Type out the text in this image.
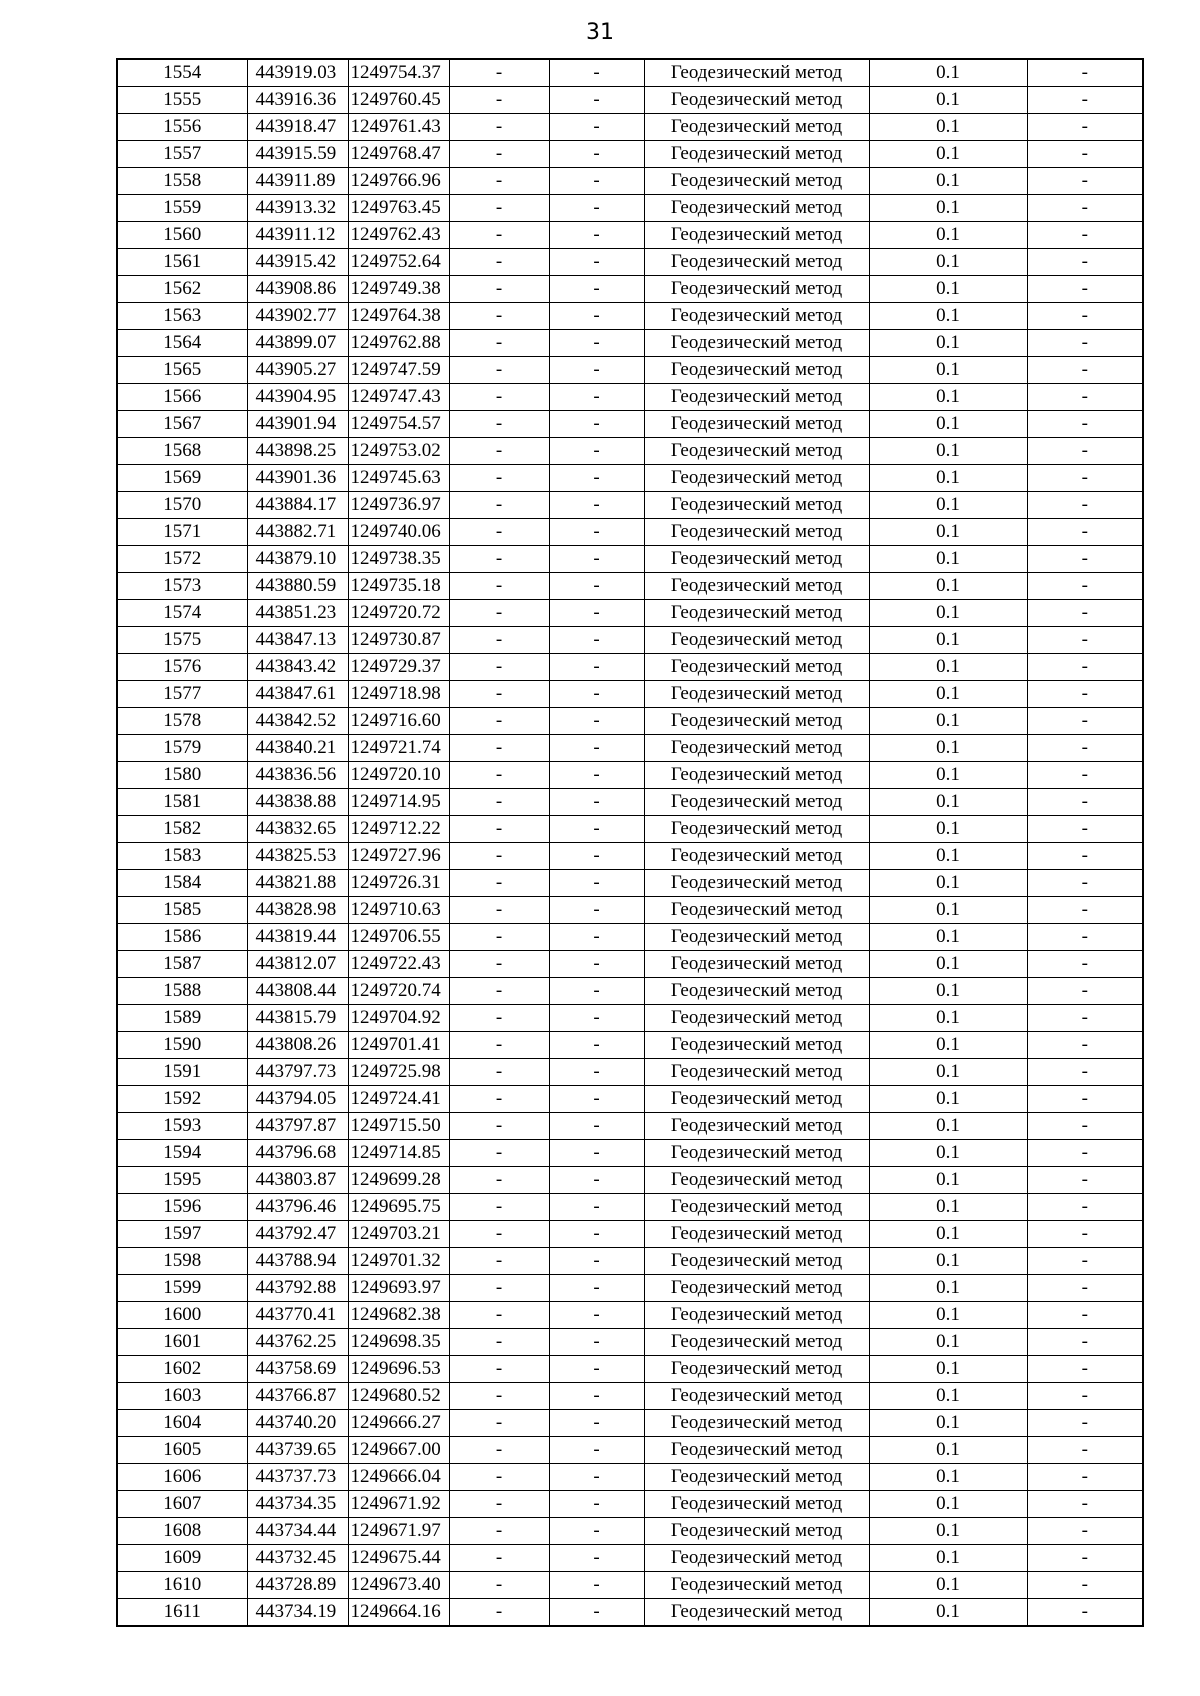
31
1554	443919.03	1249754.37	-	-	Геодезический метод	0.1	-
1555	443916.36	1249760.45	-	-	Геодезический метод	0.1	-
1556	443918.47	1249761.43	-	-	Геодезический метод	0.1	-
1557	443915.59	1249768.47	-	-	Геодезический метод	0.1	-
1558	443911.89	1249766.96	-	-	Геодезический метод	0.1	-
1559	443913.32	1249763.45	-	-	Геодезический метод	0.1	-
1560	443911.12	1249762.43	-	-	Геодезический метод	0.1	-
1561	443915.42	1249752.64	-	-	Геодезический метод	0.1	-
1562	443908.86	1249749.38	-	-	Геодезический метод	0.1	-
1563	443902.77	1249764.38	-	-	Геодезический метод	0.1	-
1564	443899.07	1249762.88	-	-	Геодезический метод	0.1	-
1565	443905.27	1249747.59	-	-	Геодезический метод	0.1	-
1566	443904.95	1249747.43	-	-	Геодезический метод	0.1	-
1567	443901.94	1249754.57	-	-	Геодезический метод	0.1	-
1568	443898.25	1249753.02	-	-	Геодезический метод	0.1	-
1569	443901.36	1249745.63	-	-	Геодезический метод	0.1	-
1570	443884.17	1249736.97	-	-	Геодезический метод	0.1	-
1571	443882.71	1249740.06	-	-	Геодезический метод	0.1	-
1572	443879.10	1249738.35	-	-	Геодезический метод	0.1	-
1573	443880.59	1249735.18	-	-	Геодезический метод	0.1	-
1574	443851.23	1249720.72	-	-	Геодезический метод	0.1	-
1575	443847.13	1249730.87	-	-	Геодезический метод	0.1	-
1576	443843.42	1249729.37	-	-	Геодезический метод	0.1	-
1577	443847.61	1249718.98	-	-	Геодезический метод	0.1	-
1578	443842.52	1249716.60	-	-	Геодезический метод	0.1	-
1579	443840.21	1249721.74	-	-	Геодезический метод	0.1	-
1580	443836.56	1249720.10	-	-	Геодезический метод	0.1	-
1581	443838.88	1249714.95	-	-	Геодезический метод	0.1	-
1582	443832.65	1249712.22	-	-	Геодезический метод	0.1	-
1583	443825.53	1249727.96	-	-	Геодезический метод	0.1	-
1584	443821.88	1249726.31	-	-	Геодезический метод	0.1	-
1585	443828.98	1249710.63	-	-	Геодезический метод	0.1	-
1586	443819.44	1249706.55	-	-	Геодезический метод	0.1	-
1587	443812.07	1249722.43	-	-	Геодезический метод	0.1	-
1588	443808.44	1249720.74	-	-	Геодезический метод	0.1	-
1589	443815.79	1249704.92	-	-	Геодезический метод	0.1	-
1590	443808.26	1249701.41	-	-	Геодезический метод	0.1	-
1591	443797.73	1249725.98	-	-	Геодезический метод	0.1	-
1592	443794.05	1249724.41	-	-	Геодезический метод	0.1	-
1593	443797.87	1249715.50	-	-	Геодезический метод	0.1	-
1594	443796.68	1249714.85	-	-	Геодезический метод	0.1	-
1595	443803.87	1249699.28	-	-	Геодезический метод	0.1	-
1596	443796.46	1249695.75	-	-	Геодезический метод	0.1	-
1597	443792.47	1249703.21	-	-	Геодезический метод	0.1	-
1598	443788.94	1249701.32	-	-	Геодезический метод	0.1	-
1599	443792.88	1249693.97	-	-	Геодезический метод	0.1	-
1600	443770.41	1249682.38	-	-	Геодезический метод	0.1	-
1601	443762.25	1249698.35	-	-	Геодезический метод	0.1	-
1602	443758.69	1249696.53	-	-	Геодезический метод	0.1	-
1603	443766.87	1249680.52	-	-	Геодезический метод	0.1	-
1604	443740.20	1249666.27	-	-	Геодезический метод	0.1	-
1605	443739.65	1249667.00	-	-	Геодезический метод	0.1	-
1606	443737.73	1249666.04	-	-	Геодезический метод	0.1	-
1607	443734.35	1249671.92	-	-	Геодезический метод	0.1	-
1608	443734.44	1249671.97	-	-	Геодезический метод	0.1	-
1609	443732.45	1249675.44	-	-	Геодезический метод	0.1	-
1610	443728.89	1249673.40	-	-	Геодезический метод	0.1	-
1611	443734.19	1249664.16	-	-	Геодезический метод	0.1	-
